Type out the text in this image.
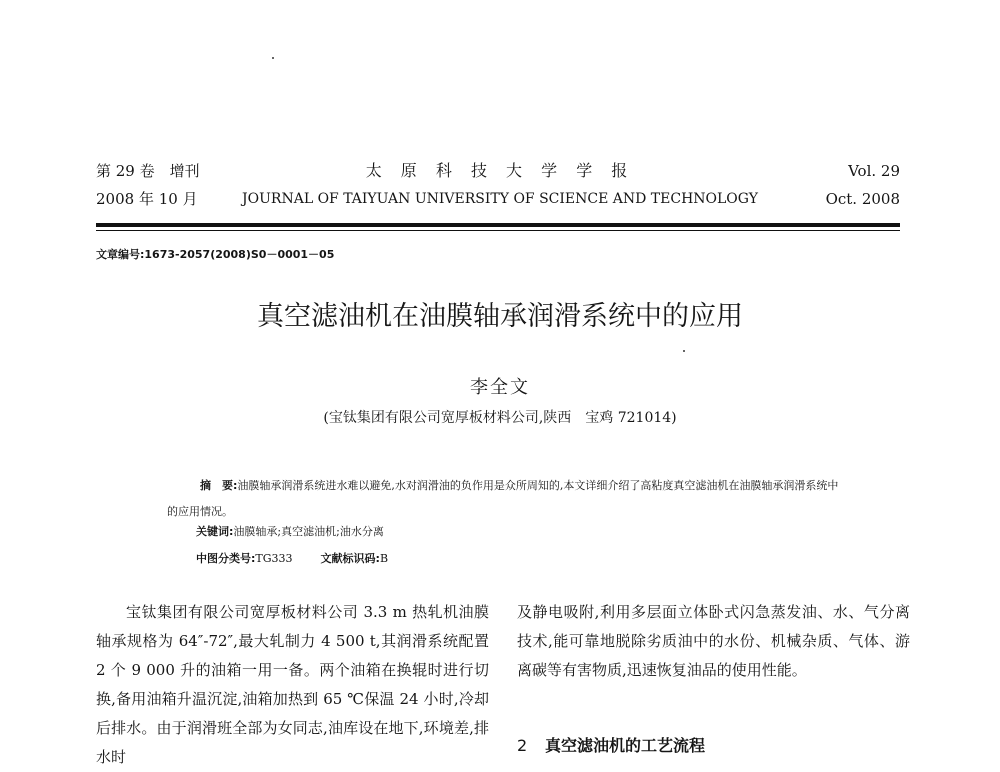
第 29 卷　增刊
2008 年 10 月
太 原 科 技 大 学 学 报
JOURNAL OF TAIYUAN UNIVERSITY OF SCIENCE AND TECHNOLOGY
Vol. 29
Oct. 2008
文章编号:1673-2057(2008)S0－0001－05
真空滤油机在油膜轴承润滑系统中的应用
李全文
(宝钛集团有限公司宽厚板材料公司,陕西　宝鸡 721014)
摘　要:油膜轴承润滑系统进水难以避免,水对润滑油的负作用是众所周知的,本文详细介绍了高粘度真空滤油机在油膜轴承润滑系统中的应用情况。
关键词:油膜轴承;真空滤油机;油水分离
中图分类号:TG333	文献标识码:B

宝钛集团有限公司宽厚板材料公司 3.3 m 热轧机油膜轴承规格为 64″-72″,最大轧制力 4 500 t,其润滑系统配置 2 个 9 000 升的油箱一用一备。两个油箱在换辊时进行切换,备用油箱升温沉淀,油箱加热到 65 ℃保温 24 小时,冷却后排水。由于润滑班全部为女同志,油库设在地下,环境差,排水时

及静电吸附,利用多层面立体卧式闪急蒸发油、水、气分离技术,能可靠地脱除劣质油中的水份、机械杂质、气体、游离碳等有害物质,迅速恢复油品的使用性能。

2 真空滤油机的工艺流程
